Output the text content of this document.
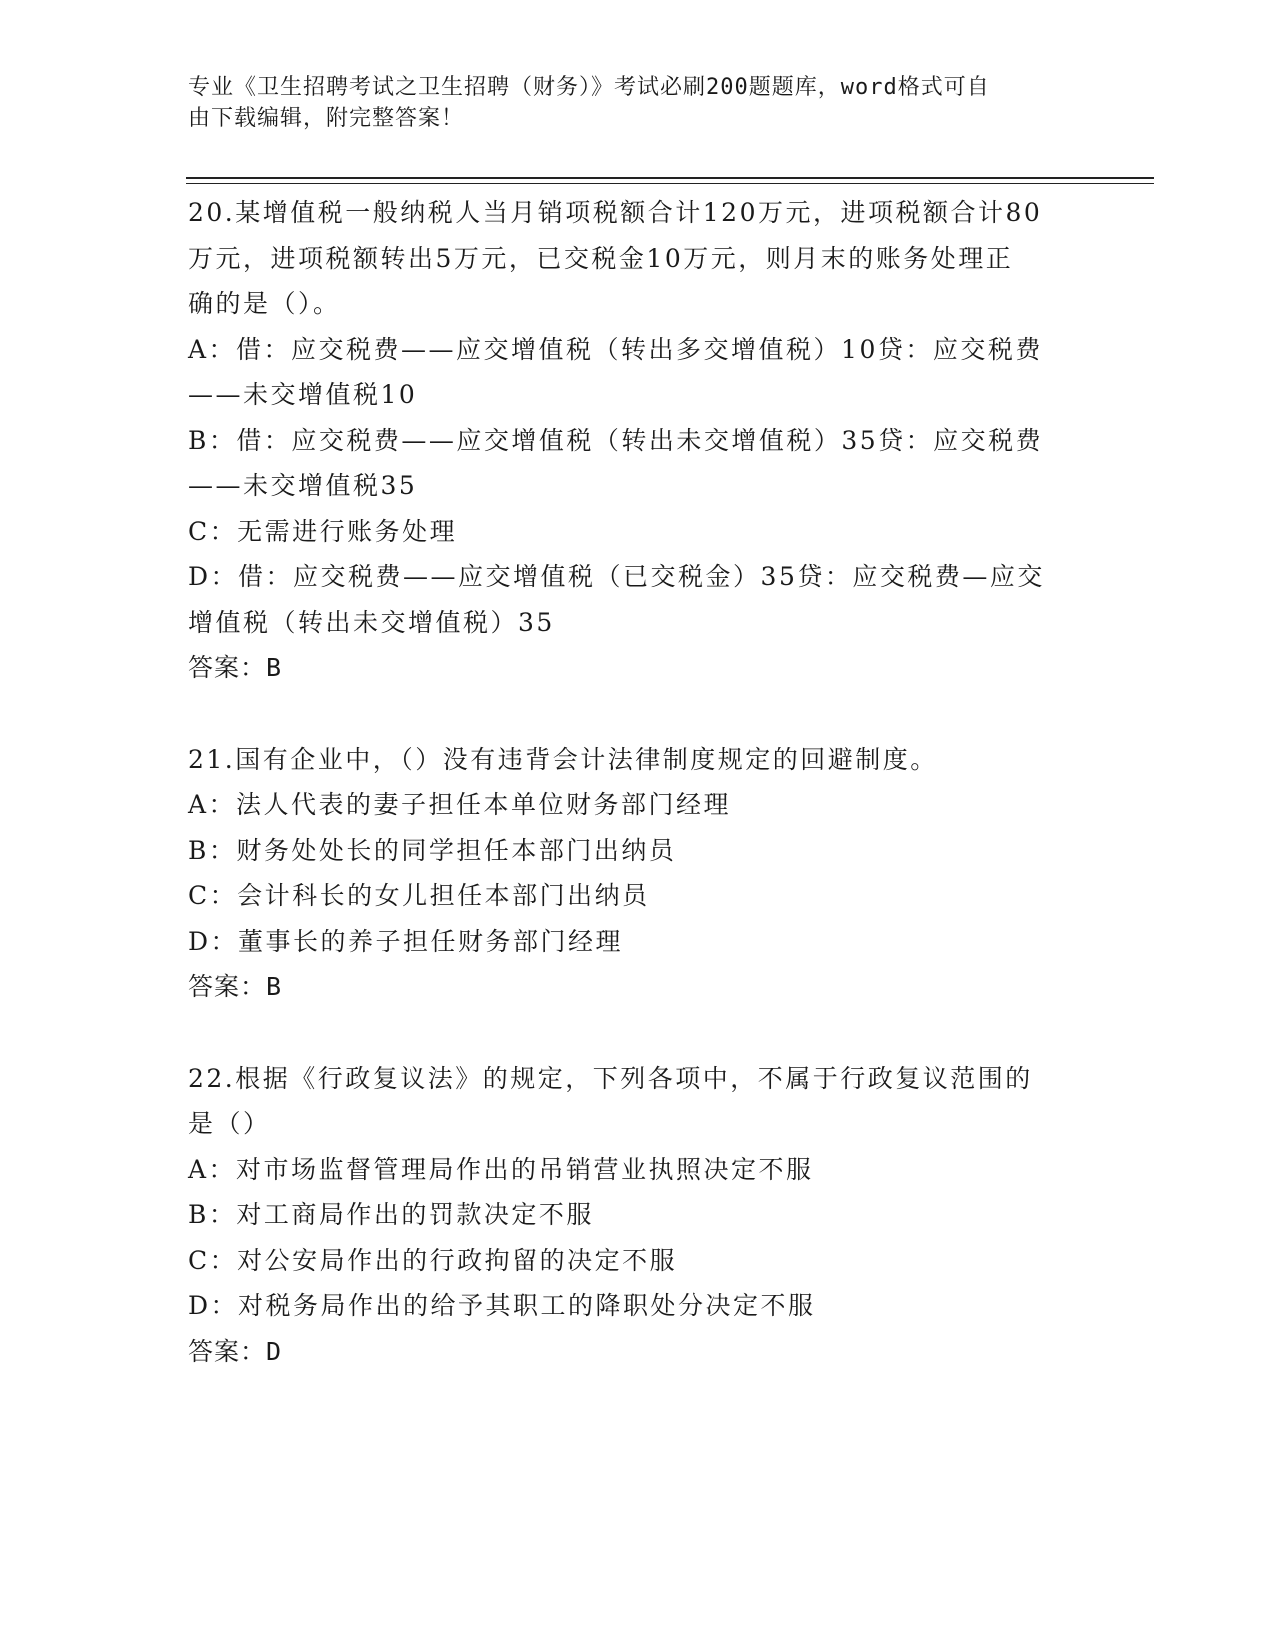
专业《卫生招聘考试之卫生招聘（财务）》考试必刷200题题库，word格式可自
由下载编辑，附完整答案！

20.某增值税一般纳税人当月销项税额合计120万元，进项税额合计80

万元，进项税额转出5万元，已交税金10万元，则月末的账务处理正

确的是（）。

A：借：应交税费——应交增值税（转出多交增值税）10贷：应交税费

——未交增值税10

B：借：应交税费——应交增值税（转出未交增值税）35贷：应交税费

——未交增值税35

C：无需进行账务处理

D：借：应交税费——应交增值税（已交税金）35贷：应交税费—应交

增值税（转出未交增值税）35

答案：B

21.国有企业中，（）没有违背会计法律制度规定的回避制度。

A：法人代表的妻子担任本单位财务部门经理

B：财务处处长的同学担任本部门出纳员

C：会计科长的女儿担任本部门出纳员

D：董事长的养子担任财务部门经理

答案：B

22.根据《行政复议法》的规定，下列各项中，不属于行政复议范围的

是（）

A：对市场监督管理局作出的吊销营业执照决定不服

B：对工商局作出的罚款决定不服

C：对公安局作出的行政拘留的决定不服

D：对税务局作出的给予其职工的降职处分决定不服

答案：D
